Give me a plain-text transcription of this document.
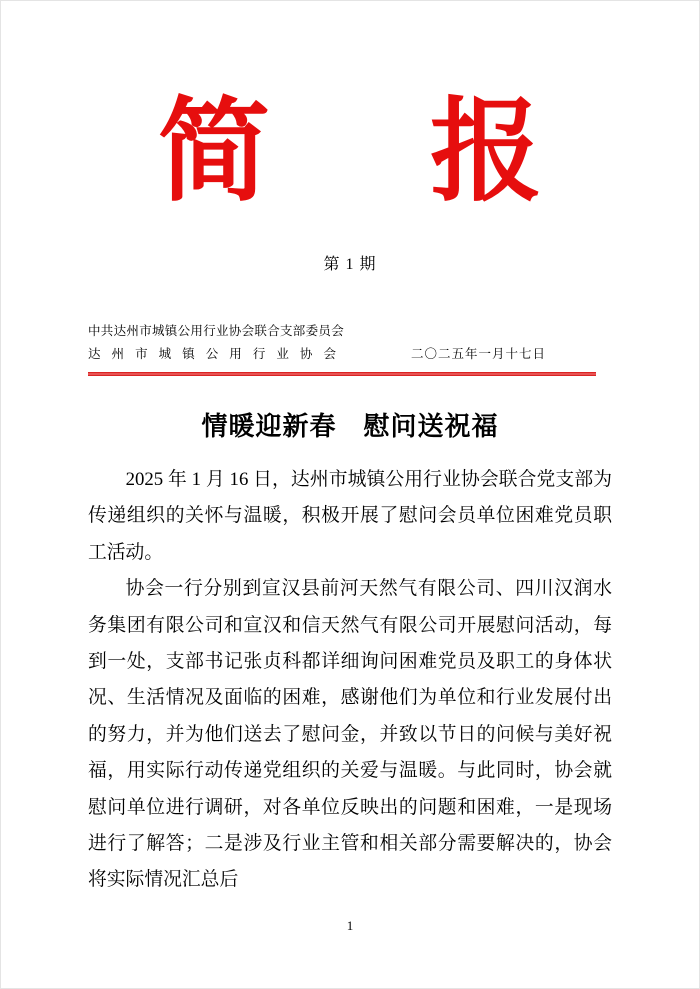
简 报
第 1 期
中共达州市城镇公用行业协会联合支部委员会
达州市城镇公用行业协会	二〇二五年一月十七日
情暖迎新春　慰问送祝福

2025 年 1 月 16 日，达州市城镇公用行业协会联合党支部为传递组织的关怀与温暖，积极开展了慰问会员单位困难党员职工活动。

协会一行分别到宣汉县前河天然气有限公司、四川汉润水务集团有限公司和宣汉和信天然气有限公司开展慰问活动，每到一处，支部书记张贞科都详细询问困难党员及职工的身体状况、生活情况及面临的困难，感谢他们为单位和行业发展付出的努力，并为他们送去了慰问金，并致以节日的问候与美好祝福，用实际行动传递党组织的关爱与温暖。与此同时，协会就慰问单位进行调研，对各单位反映出的问题和困难，一是现场进行了解答；二是涉及行业主管和相关部分需要解决的，协会将实际情况汇总后

1
